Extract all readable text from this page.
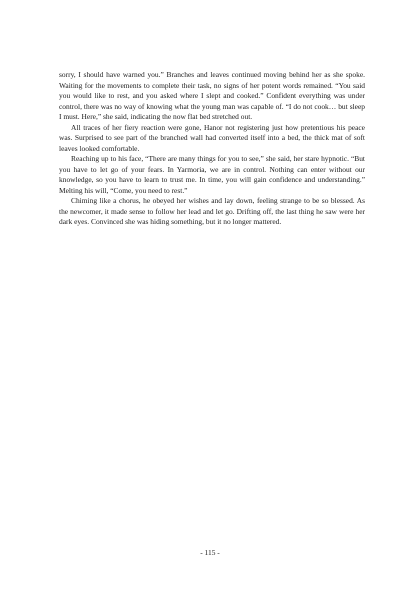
sorry, I should have warned you.” Branches and leaves continued moving behind her as she spoke. Waiting for the movements to complete their task, no signs of her potent words remained. “You said you would like to rest, and you asked where I slept and cooked.” Confident everything was under control, there was no way of knowing what the young man was capable of. “I do not cook… but sleep I must. Here,” she said, indicating the now flat bed stretched out.

All traces of her fiery reaction were gone, Hanor not registering just how pretentious his peace was. Surprised to see part of the branched wall had converted itself into a bed, the thick mat of soft leaves looked comfortable.

Reaching up to his face, “There are many things for you to see,” she said, her stare hypnotic. “But you have to let go of your fears. In Yarmoria, we are in control. Nothing can enter without our knowledge, so you have to learn to trust me. In time, you will gain confidence and understanding.” Melting his will, “Come, you need to rest.”

Chiming like a chorus, he obeyed her wishes and lay down, feeling strange to be so blessed. As the newcomer, it made sense to follow her lead and let go. Drifting off, the last thing he saw were her dark eyes. Convinced she was hiding something, but it no longer mattered.

- 115 -
